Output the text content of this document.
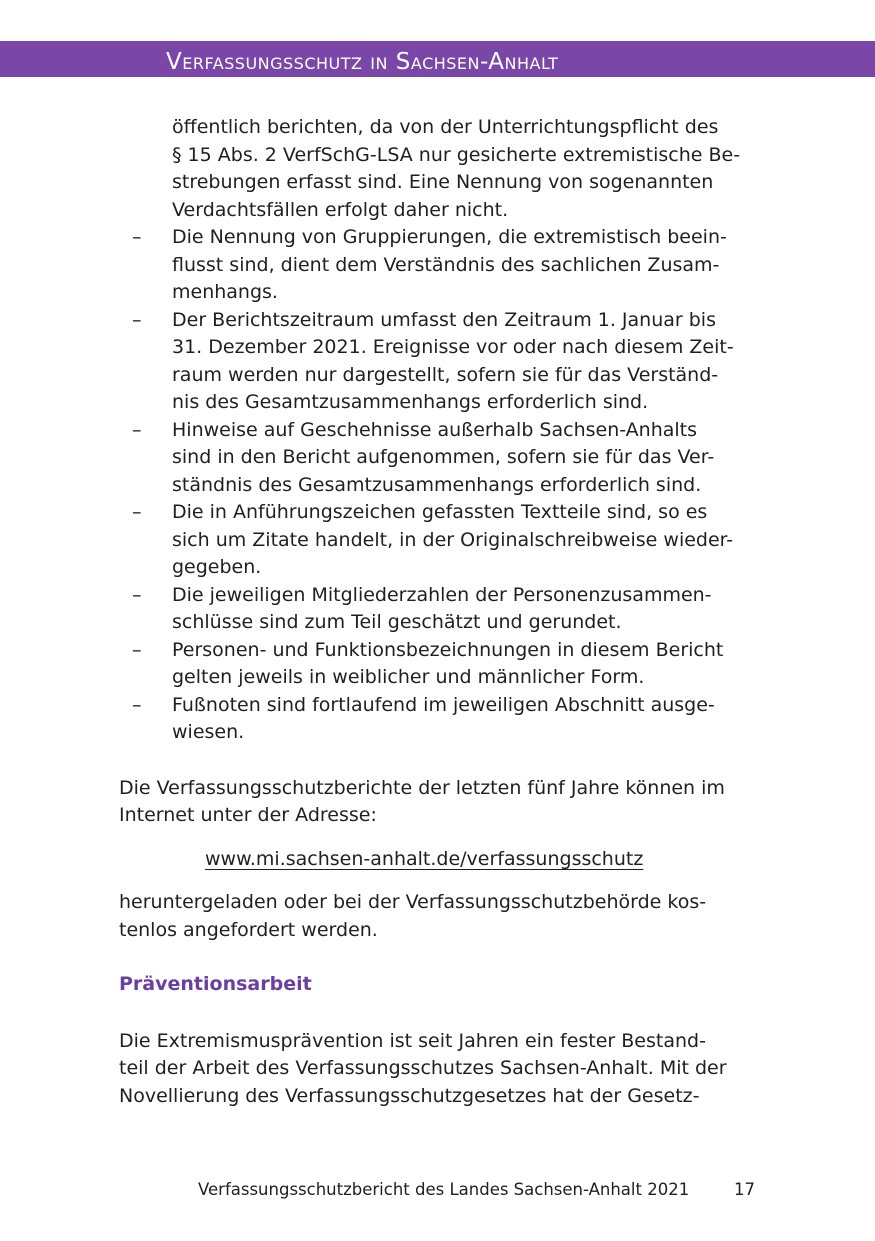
Verfassungsschutz in Sachsen-Anhalt
öffentlich berichten, da von der Unterrichtungspflicht des
§ 15 Abs. 2 VerfSchG-LSA nur gesicherte extremistische Be-
strebungen erfasst sind. Eine Nennung von sogenannten
Verdachtsfällen erfolgt daher nicht.
– Die Nennung von Gruppierungen, die extremistisch beein-
flusst sind, dient dem Verständnis des sachlichen Zusam-
menhangs.
– Der Berichtszeitraum umfasst den Zeitraum 1. Januar bis
31. Dezember 2021. Ereignisse vor oder nach diesem Zeit-
raum werden nur dargestellt, sofern sie für das Verständ-
nis des Gesamtzusammenhangs erforderlich sind.
– Hinweise auf Geschehnisse außerhalb Sachsen-Anhalts
sind in den Bericht aufgenommen, sofern sie für das Ver-
ständnis des Gesamtzusammenhangs erforderlich sind.
– Die in Anführungszeichen gefassten Textteile sind, so es
sich um Zitate handelt, in der Originalschreibweise wieder-
gegeben.
– Die jeweiligen Mitgliederzahlen der Personenzusammen-
schlüsse sind zum Teil geschätzt und gerundet.
– Personen- und Funktionsbezeichnungen in diesem Bericht
gelten jeweils in weiblicher und männlicher Form.
– Fußnoten sind fortlaufend im jeweiligen Abschnitt ausge-
wiesen.
Die Verfassungsschutzberichte der letzten fünf Jahre können im
Internet unter der Adresse:
www.mi.sachsen-anhalt.de/verfassungsschutz
heruntergeladen oder bei der Verfassungsschutzbehörde kos-
tenlos angefordert werden.
Präventionsarbeit
Die Extremismusprävention ist seit Jahren ein fester Bestand-
teil der Arbeit des Verfassungsschutzes Sachsen-Anhalt. Mit der
Novellierung des Verfassungsschutzgesetzes hat der Gesetz-
Verfassungsschutzbericht des Landes Sachsen-Anhalt 2021	17
